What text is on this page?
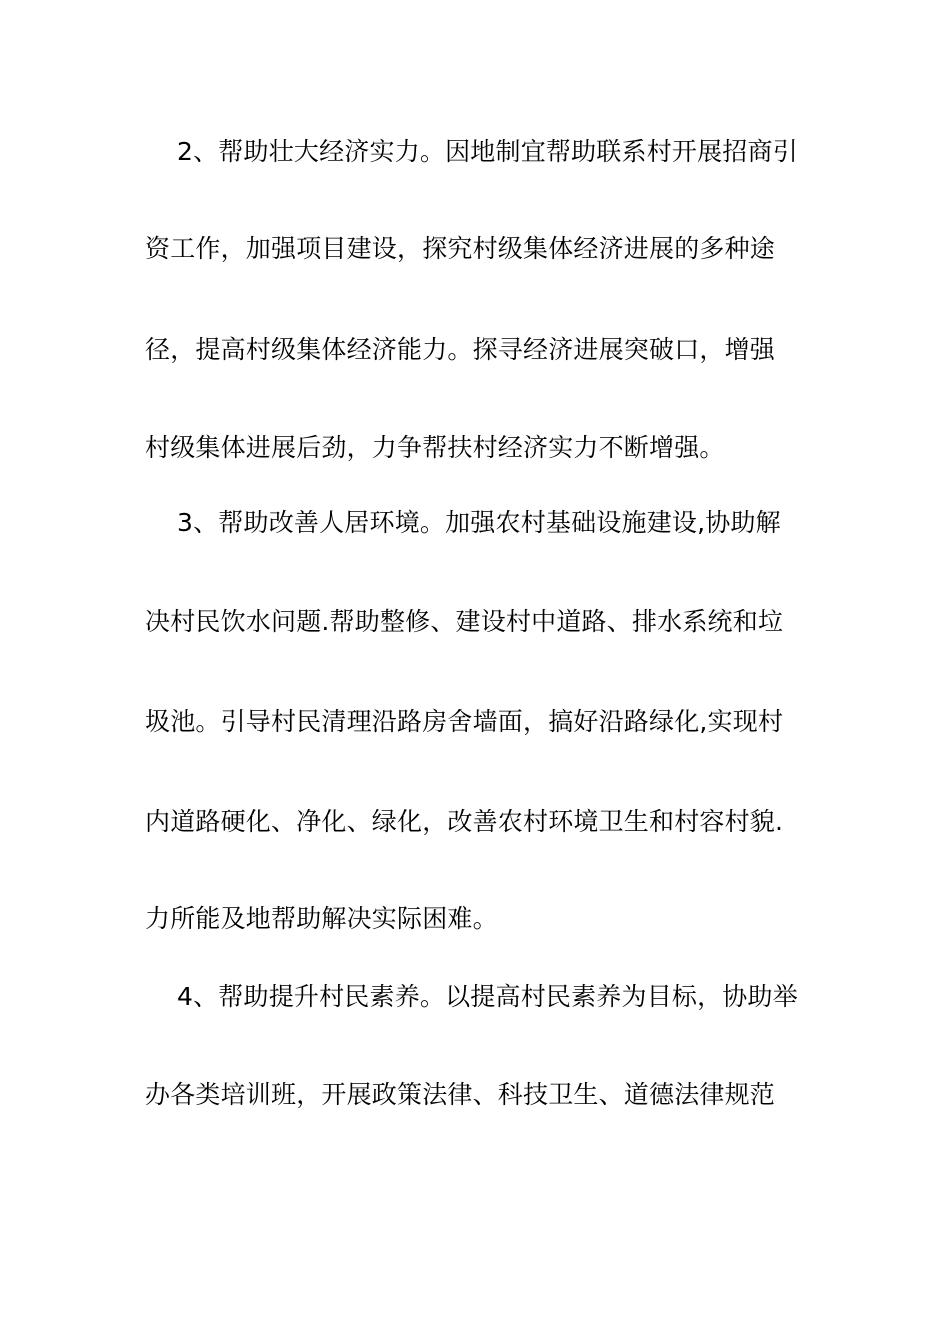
2、帮助壮大经济实力。因地制宜帮助联系村开展招商引
资工作，加强项目建设，探究村级集体经济进展的多种途
径，提高村级集体经济能力。探寻经济进展突破口，增强
村级集体进展后劲，力争帮扶村经济实力不断增强。
3、帮助改善人居环境。加强农村基础设施建设,协助解
决村民饮水问题.帮助整修、建设村中道路、排水系统和垃
圾池。引导村民清理沿路房舍墙面，搞好沿路绿化,实现村
内道路硬化、净化、绿化，改善农村环境卫生和村容村貌.
力所能及地帮助解决实际困难。
4、帮助提升村民素养。以提高村民素养为目标，协助举
办各类培训班，开展政策法律、科技卫生、道德法律规范
